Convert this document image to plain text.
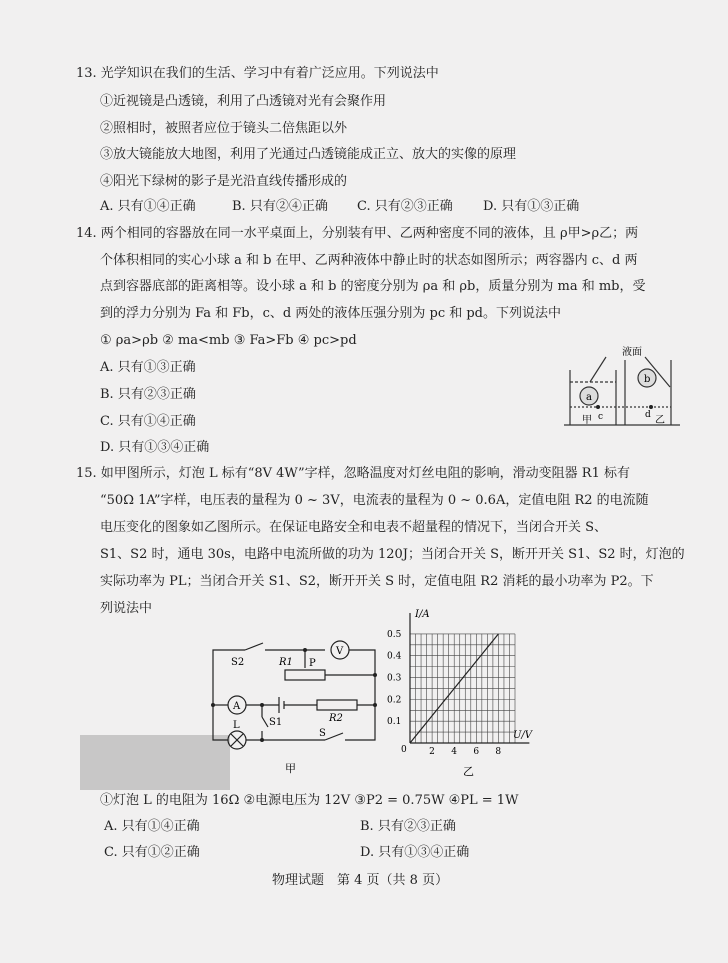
13. 光学知识在我们的生活、学习中有着广泛应用。下列说法中
①近视镜是凸透镜，利用了凸透镜对光有会聚作用
②照相时，被照者应位于镜头二倍焦距以外
③放大镜能放大地图，利用了光通过凸透镜能成正立、放大的实像的原理
④阳光下绿树的影子是光沿直线传播形成的
A. 只有①④正确	B. 只有②④正确 C. 只有②③正确 D. 只有①③正确
14. 两个相同的容器放在同一水平桌面上，分别装有甲、乙两种密度不同的液体，且 ρ甲>ρ乙；两
个体积相同的实心小球 a 和 b 在甲、乙两种液体中静止时的状态如图所示；两容器内 c、d 两
点到容器底部的距离相等。设小球 a 和 b 的密度分别为 ρa 和 ρb，质量分别为 ma 和 mb，受
到的浮力分别为 Fa 和 Fb，c、d 两处的液体压强分别为 pc 和 pd。下列说法中
① ρa>ρb ② ma<mb ③ Fa>Fb ④ pc>pd
A. 只有①③正确
B. 只有②③正确
C. 只有①④正确
D. 只有①③④正确
液面
a
b
c	d
甲	乙
15. 如甲图所示，灯泡 L 标有“8V 4W”字样，忽略温度对灯丝电阻的影响，滑动变阻器 R1 标有
“50Ω 1A”字样，电压表的量程为 0 ~ 3V，电流表的量程为 0 ~ 0.6A，定值电阻 R2 的电流随
电压变化的图象如乙图所示。在保证电路安全和电表不超量程的情况下，当闭合开关 S、
S1、S2 时，通电 30s，电路中电流所做的功为 120J；当闭合开关 S，断开开关 S1、S2 时，灯泡的
实际功率为 PL；当闭合开关 S1、S2，断开开关 S 时，定值电阻 R2 消耗的最小功率为 P2。下
列说法中
S2	R1 P
V
A
R2
L	S1
S
甲
0.5
0.4
0.3
0.2
0.1
2 4 6 8
I/A
U/V
0
乙
①灯泡 L 的电阻为 16Ω ②电源电压为 12V ③P2 = 0.75W ④PL = 1W
A. 只有①④正确	B. 只有②③正确
C. 只有①②正确	D. 只有①③④正确
物理试题　第 4 页（共 8 页）
